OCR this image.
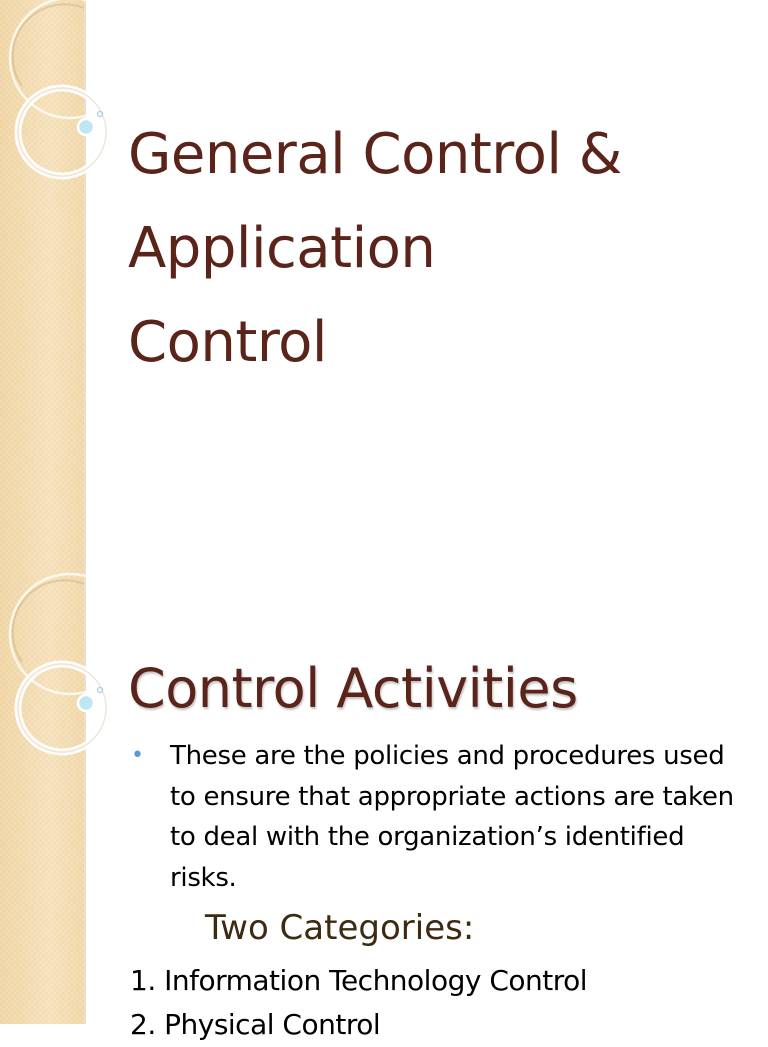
General Control &
Application
Control
Control Activities
• These are the policies and procedures used to ensure that appropriate actions are taken to deal with the organization’s identified risks.
Two Categories:
1. Information Technology Control
2. Physical Control
